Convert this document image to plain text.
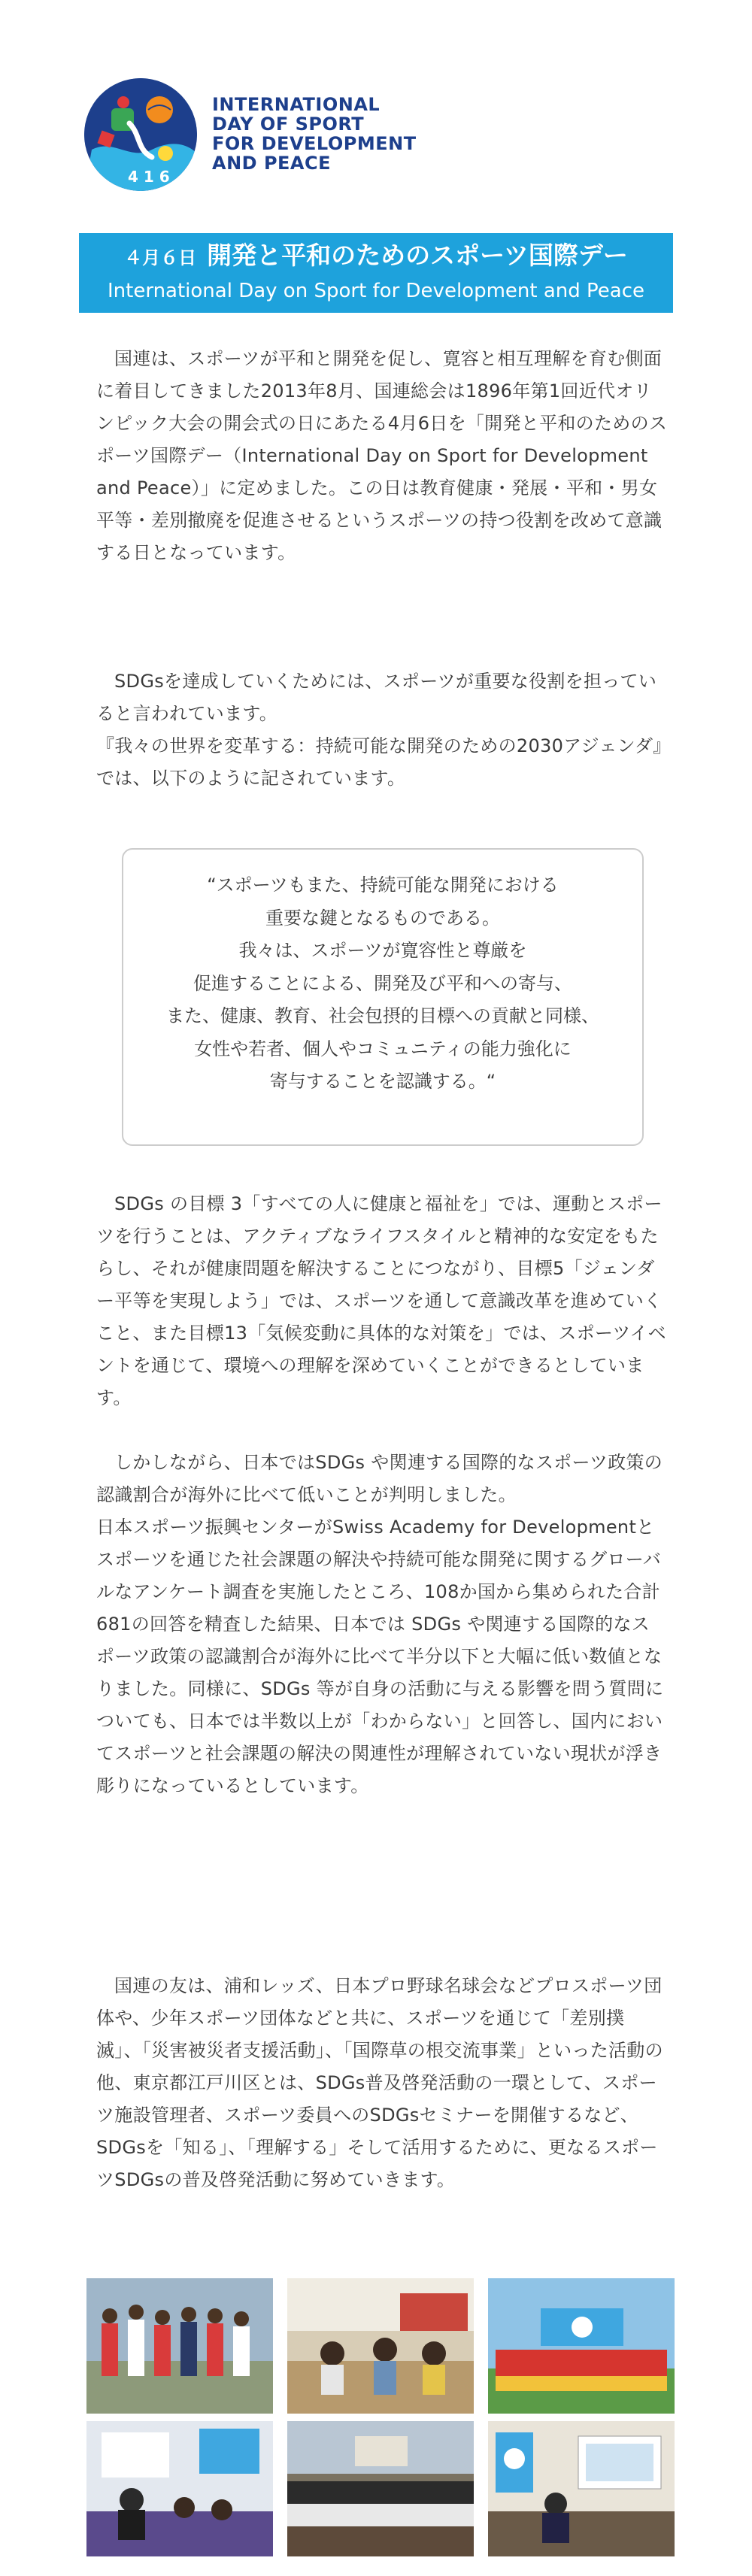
4 1 6
INTERNATIONAL
DAY OF SPORT
FOR DEVELOPMENT
AND PEACE
４月６日 開発と平和のためのスポーツ国際デー
International Day on Sport for Development and Peace

国連は、スポーツが平和と開発を促し、寛容と相互理解を育む側面に着目してきました2013年8月、国連総会は1896年第1回近代オリンピック大会の開会式の日にあたる4月6日を「開発と平和のためのスポーツ国際デー（International Day on Sport for Development and Peace）」に定めました。この日は教育健康・発展・平和・男女平等・差別撤廃を促進させるというスポーツの持つ役割を改めて意識する日となっています。

SDGsを達成していくためには、スポーツが重要な役割を担っていると言われています。

『我々の世界を変革する：持続可能な開発のための2030アジェンダ』では、以下のように記されています。

“スポーツもまた、持続可能な開発における
重要な鍵となるものである。
我々は、スポーツが寛容性と尊厳を
促進することによる、開発及び平和への寄与、
また、健康、教育、社会包摂的目標への貢献と同様、
女性や若者、個人やコミュニティの能力強化に
寄与することを認識する。“

SDGs の目標 3「すべての人に健康と福祉を」では、運動とスポーツを行うことは、アクティブなライフスタイルと精神的な安定をもたらし、それが健康問題を解決することにつながり、目標5「ジェンダー平等を実現しよう」では、スポーツを通して意識改革を進めていくこと、また目標13「気候変動に具体的な対策を」では、スポーツイベントを通じて、環境への理解を深めていくことができるとしています。

しかしながら、日本ではSDGs や関連する国際的なスポーツ政策の認識割合が海外に比べて低いことが判明しました。

日本スポーツ振興センターがSwiss Academy for Developmentとスポーツを通じた社会課題の解決や持続可能な開発に関するグローバルなアンケート調査を実施したところ、108か国から集められた合計681の回答を精査した結果、日本では SDGs や関連する国際的なスポーツ政策の認識割合が海外に比べて半分以下と大幅に低い数値となりました。同様に、SDGs 等が自身の活動に与える影響を問う質問についても、日本では半数以上が「わからない」と回答し、国内においてスポーツと社会課題の解決の関連性が理解されていない現状が浮き彫りになっているとしています。

国連の友は、浦和レッズ、日本プロ野球名球会などプロスポーツ団体や、少年スポーツ団体などと共に、スポーツを通じて「差別撲滅」、「災害被災者支援活動」、「国際草の根交流事業」といった活動の他、東京都江戸川区とは、SDGs普及啓発活動の一環として、スポーツ施設管理者、スポーツ委員へのSDGsセミナーを開催するなど、SDGsを「知る」、「理解する」そして活用するために、更なるスポーツSDGsの普及啓発活動に努めていきます。
